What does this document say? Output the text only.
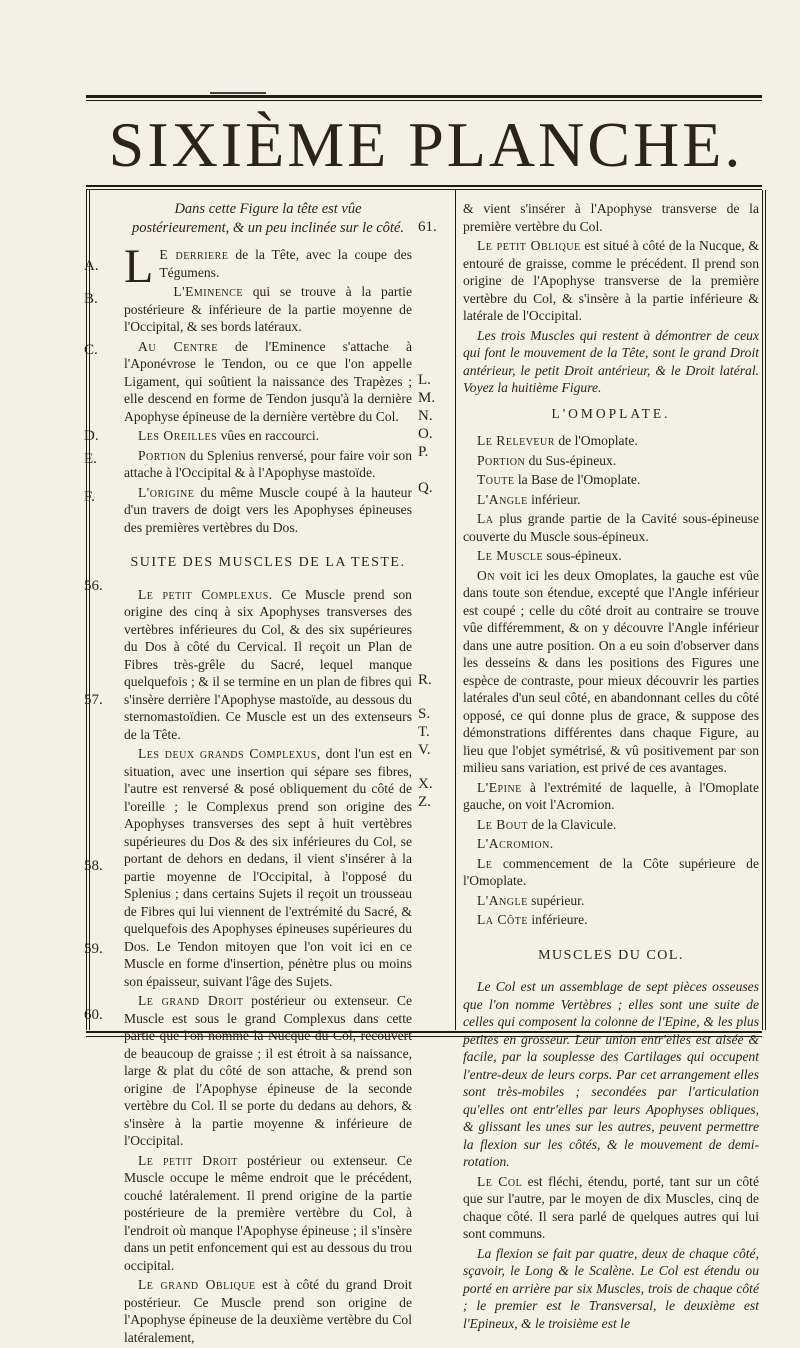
SIXIÈME PLANCHE.
A.
B.
C.
D.
E.
F.
56.
57.
58.
59.
60.
61.
L.
M.
N.
O.
P.
Q.
R.
S.
T.
V.
X.
Z.
Dans cette Figure la tête est vûe postérieurement, & un peu inclinée sur le côté.

L E derriere de la Tête, avec la coupe des Tégumens.

L'Eminence qui se trouve à la partie postérieure & inférieure de la partie moyenne de l'Occipital, & ses bords latéraux.

Au Centre de l'Eminence s'attache à l'Aponévrose le Tendon, ou ce que l'on appelle Ligament, qui soûtient la naissance des Trapèzes ; elle descend en forme de Tendon jusqu'à la dernière Apophyse épineuse de la dernière vertèbre du Col.

Les Oreilles vûes en raccourci.

Portion du Splenius renversé, pour faire voir son attache à l'Occipital & à l'Apophyse mastoïde.

L'origine du même Muscle coupé à la hauteur d'un travers de doigt vers les Apophyses épineuses des premières vertèbres du Dos.

SUITE DES MUSCLES DE LA TESTE.

Le petit Complexus. Ce Muscle prend son origine des cinq à six Apophyses transverses des vertèbres inférieures du Col, & des six supérieures du Dos à côté du Cervical. Il reçoit un Plan de Fibres très-grêle du Sacré, lequel manque quelquefois ; & il se termine en un plan de fibres qui s'insère derrière l'Apophyse mastoïde, au dessous du sternomastoïdien. Ce Muscle est un des extenseurs de la Tête.

Les deux grands Complexus, dont l'un est en situation, avec une insertion qui sépare ses fibres, l'autre est renversé & posé obliquement du côté de l'oreille ; le Complexus prend son origine des Apophyses transverses des sept à huit vertèbres supérieures du Dos & des six inférieures du Col, se portant de dehors en dedans, il vient s'insérer à la partie moyenne de l'Occipital, à l'opposé du Splenius ; dans certains Sujets il reçoit un trousseau de Fibres qui lui viennent de l'extrémité du Sacré, & quelquefois des Apophyses épineuses supérieures du Dos. Le Tendon mitoyen que l'on voit ici en ce Muscle en forme d'insertion, pénètre plus ou moins son épaisseur, suivant l'âge des Sujets.

Le grand Droit postérieur ou extenseur. Ce Muscle est sous le grand Complexus dans cette partie que l'on nomme la Nucque du Col, recouvert de beaucoup de graisse ; il est étroit à sa naissance, large & plat du côté de son attache, & prend son origine de l'Apophyse épineuse de la seconde vertèbre du Col. Il se porte du dedans au dehors, & s'insère à la partie moyenne & inférieure de l'Occipital.

Le petit Droit postérieur ou extenseur. Ce Muscle occupe le même endroit que le précédent, couché latéralement. Il prend origine de la partie postérieure de la première vertèbre du Col, à l'endroit où manque l'Apophyse épineuse ; il s'insère dans un petit enfoncement qui est au dessous du trou occipital.

Le grand Oblique est à côté du grand Droit postérieur. Ce Muscle prend son origine de l'Apophyse épineuse de la deuxième vertèbre du Col latéralement,

& vient s'insérer à l'Apophyse transverse de la première vertèbre du Col.

Le petit Oblique est situé à côté de la Nucque, & entouré de graisse, comme le précédent. Il prend son origine de l'Apophyse transverse de la première vertèbre du Col, & s'insère à la partie inférieure & latérale de l'Occipital.

Les trois Muscles qui restent à démontrer de ceux qui font le mouvement de la Tête, sont le grand Droit antérieur, le petit Droit antérieur, & le Droit latéral. Voyez la huitième Figure.

L'OMOPLATE.

Le Releveur de l'Omoplate.

Portion du Sus-épineux.

Toute la Base de l'Omoplate.

L'Angle inférieur.

La plus grande partie de la Cavité sous-épineuse couverte du Muscle sous-épineux.

Le Muscle sous-épineux.

On voit ici les deux Omoplates, la gauche est vûe dans toute son étendue, excepté que l'Angle inférieur est coupé ; celle du côté droit au contraire se trouve vûe différemment, & on y découvre l'Angle inférieur dans une autre position. On a eu soin d'observer dans les desseins & dans les positions des Figures une espèce de contraste, pour mieux découvrir les parties latérales d'un seul côté, en abandonnant celles du côté opposé, ce qui donne plus de grace, & suppose des démonstrations différentes dans chaque Figure, au lieu que l'objet symétrisé, & vû positivement par son milieu sans variation, est privé de ces avantages.

L'Epine à l'extrémité de laquelle, à l'Omoplate gauche, on voit l'Acromion.

Le Bout de la Clavicule.

L'Acromion.

Le commencement de la Côte supérieure de l'Omoplate.

L'Angle supérieur.

La Côte inférieure.

MUSCLES DU COL.

Le Col est un assemblage de sept pièces osseuses que l'on nomme Vertèbres ; elles sont une suite de celles qui composent la colonne de l'Epine, & les plus petites en grosseur. Leur union entr'elles est aisée & facile, par la souplesse des Cartilages qui occupent l'entre-deux de leurs corps. Par cet arrangement elles sont très-mobiles ; secondées par l'articulation qu'elles ont entr'elles par leurs Apophyses obliques, & glissant les unes sur les autres, peuvent permettre la flexion sur les côtés, & le mouvement de demi-rotation.

Le Col est fléchi, étendu, porté, tant sur un côté que sur l'autre, par le moyen de dix Muscles, cinq de chaque côté. Il sera parlé de quelques autres qui lui sont communs.

La flexion se fait par quatre, deux de chaque côté, sçavoir, le Long & le Scalène. Le Col est étendu ou porté en arrière par six Muscles, trois de chaque côté ; le premier est le Transversal, le deuxième est l'Epineux, & le troisième est le
